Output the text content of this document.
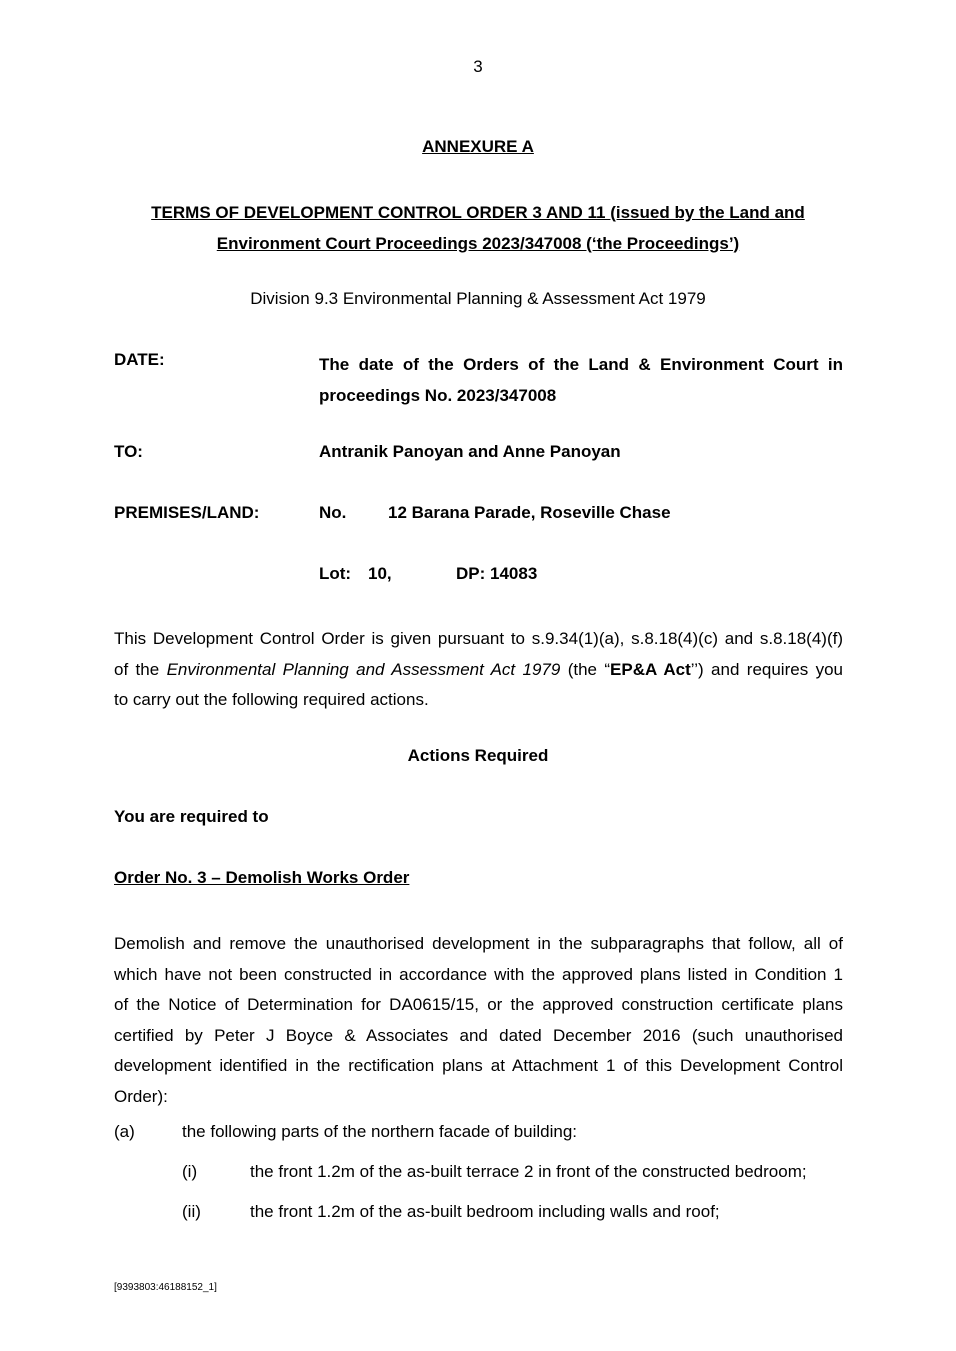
3
ANNEXURE A
TERMS OF DEVELOPMENT CONTROL ORDER 3 AND 11 (issued by the Land and
Environment Court Proceedings 2023/347008 (‘the Proceedings’)
Division 9.3 Environmental Planning & Assessment Act 1979
DATE:	The date of the Orders of the Land & Environment Court in
proceedings No. 2023/347008
TO:	Antranik Panoyan and Anne Panoyan
PREMISES/LAND:	No. 12 Barana Parade, Roseville Chase
Lot: 10,	DP: 14083
This Development Control Order is given pursuant to s.9.34(1)(a), s.8.18(4)(c) and s.8.18(4)(f)
of the Environmental Planning and Assessment Act 1979 (the “EP&A Act’’) and requires you
to carry out the following required actions.
Actions Required
You are required to
Order No. 3 – Demolish Works Order
Demolish and remove the unauthorised development in the subparagraphs that follow, all of
which have not been constructed in accordance with the approved plans listed in Condition 1
of the Notice of Determination for DA0615/15, or the approved construction certificate plans
certified by Peter J Boyce & Associates and dated December 2016 (such unauthorised
development identified in the rectification plans at Attachment 1 of this Development Control
Order):
(a)	the following parts of the northern facade of building:
(i)	the front 1.2m of the as-built terrace 2 in front of the constructed bedroom;
(ii)	the front 1.2m of the as-built bedroom including walls and roof;
[9393803:46188152_1]
